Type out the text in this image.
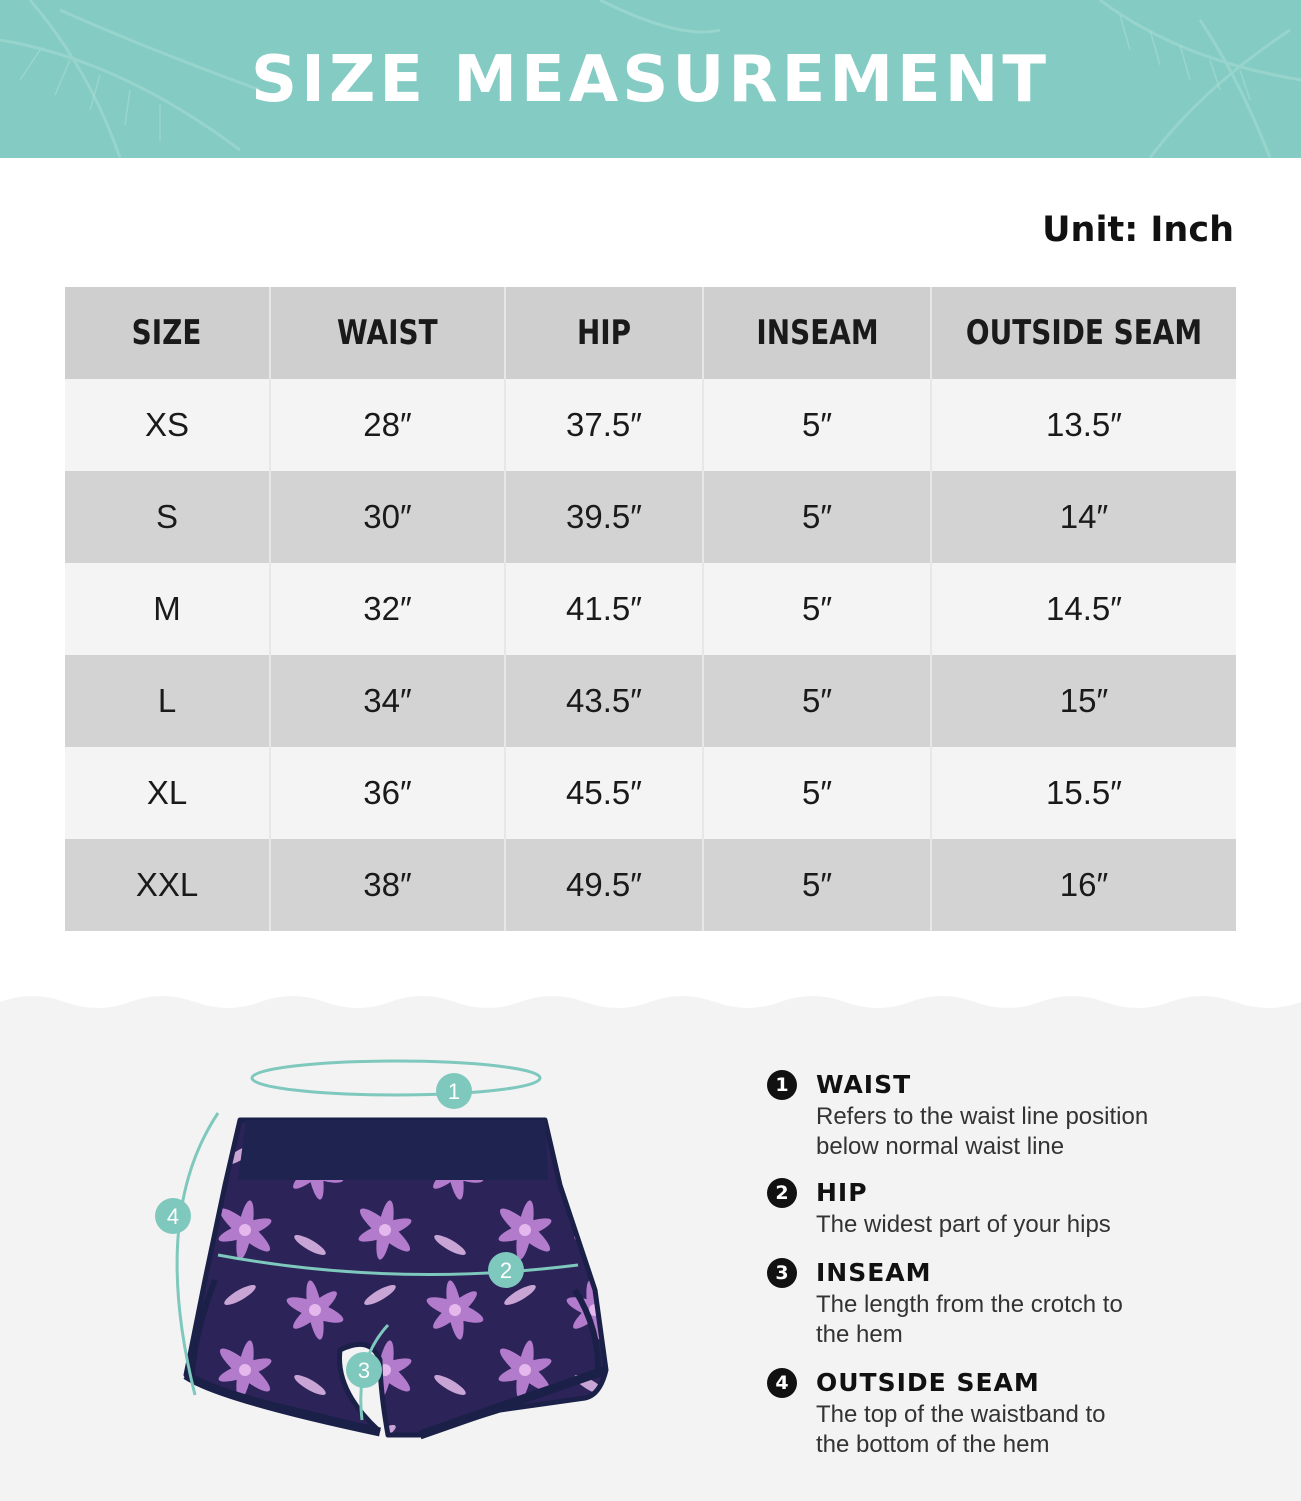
SIZE MEASUREMENT
Unit: Inch
SIZE	WAIST	HIP	INSEAM	OUTSIDE SEAM
XS	28″	37.5″	5″	13.5″
S	30″	39.5″	5″	14″
M	32″	41.5″	5″	14.5″
L	34″	43.5″	5″	15″
XL	36″	45.5″	5″	15.5″
XXL	38″	49.5″	5″	16″
1
2
3
4
1	WAIST
Refers to the waist line position
below normal waist line
2	HIP
The widest part of your hips
3	INSEAM
The length from the crotch to
the hem
4	OUTSIDE SEAM
The top of the waistband to
the bottom of the hem
